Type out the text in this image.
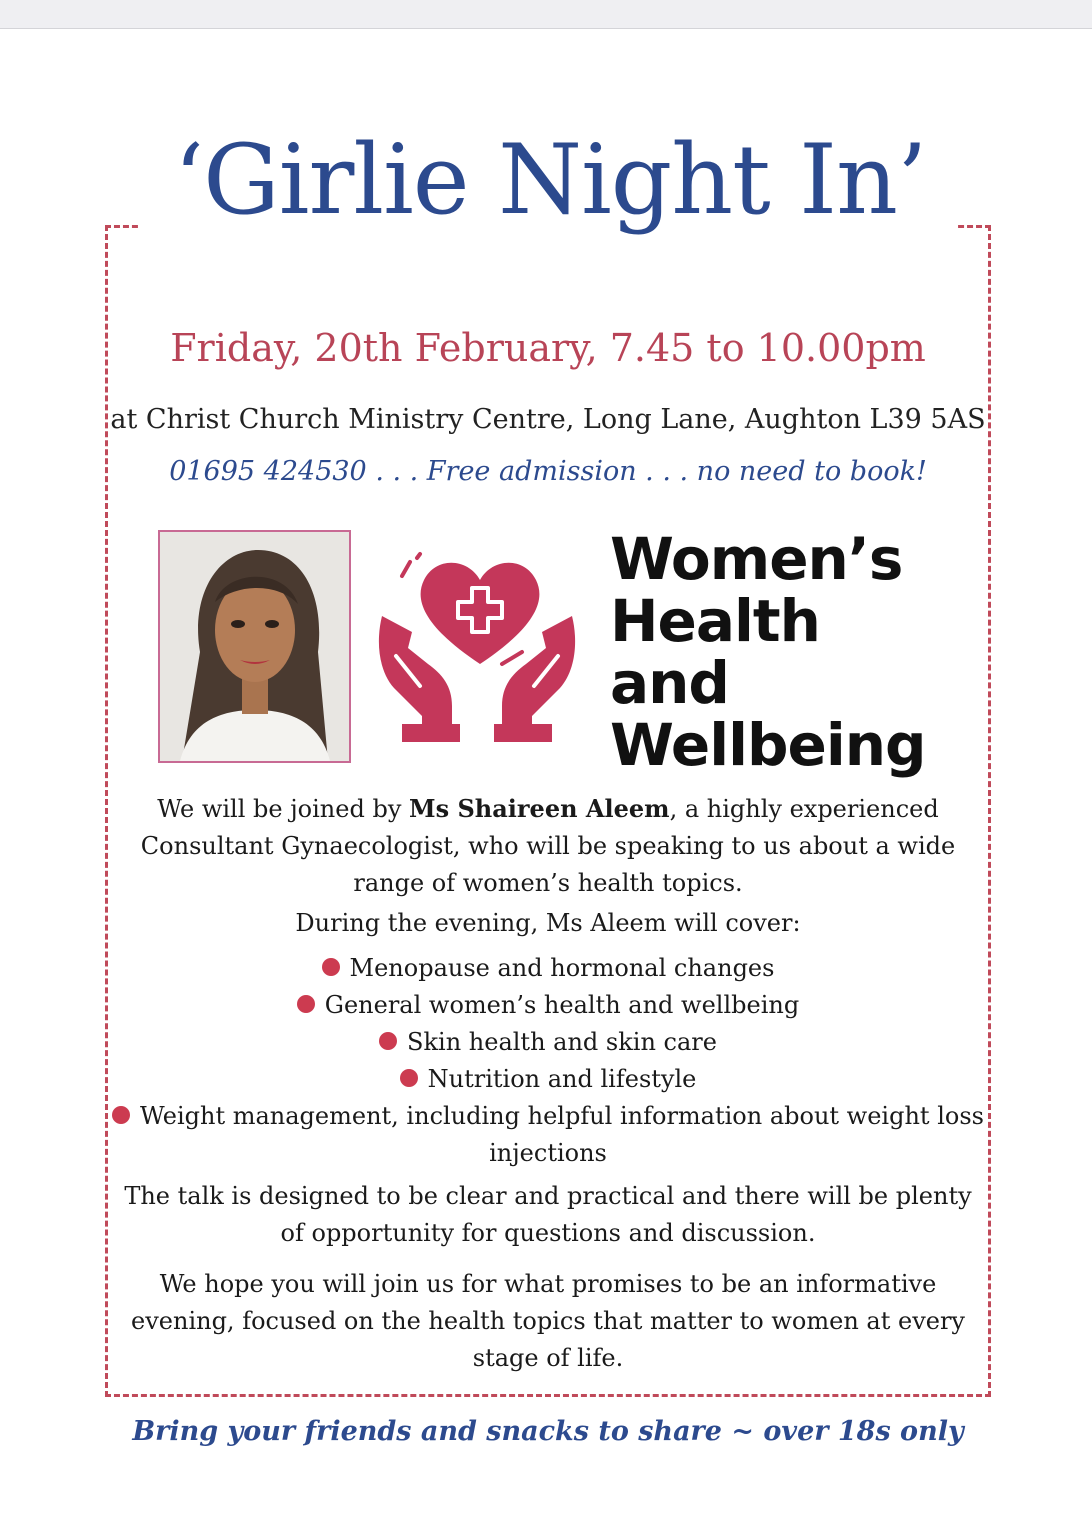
‘Girlie Night In’
Friday, 20th February, 7.45 to 10.00pm
at Christ Church Ministry Centre, Long Lane, Aughton L39 5AS
01695 424530 . . . Free admission . . . no need to book!
Women’s
Health
and
Wellbeing
We will be joined by Ms Shaireen Aleem, a highly experienced Consultant Gynaecologist, who will be speaking to us about a wide range of women’s health topics.
During the evening, Ms Aleem will cover:
Menopause and hormonal changes
General women’s health and wellbeing
Skin health and skin care
Nutrition and lifestyle
Weight management, including helpful information about weight loss injections
The talk is designed to be clear and practical and there will be plenty of opportunity for questions and discussion.
We hope you will join us for what promises to be an informative evening, focused on the health topics that matter to women at every stage of life.
Bring your friends and snacks to share ~ over 18s only
